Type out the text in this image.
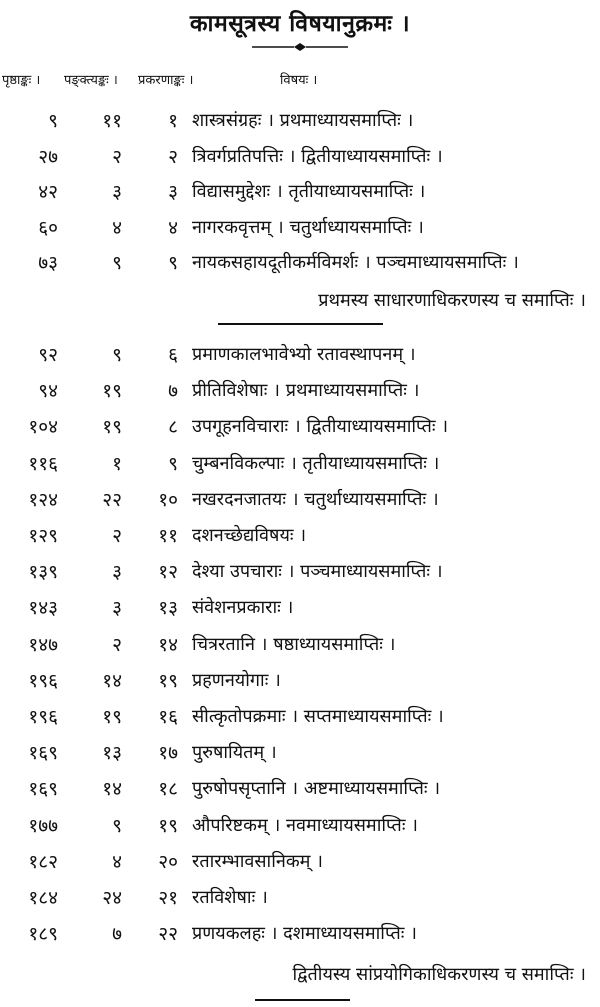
कामसूत्रस्य विषयानुक्रमः ।
पृष्ठाङ्कः । पङ्क्त्यङ्कः । प्रकरणाङ्कः ।	विषयः ।
९	११	१ शास्त्रसंग्रहः । प्रथमाध्यायसमाप्तिः ।
२७	२	२ त्रिवर्गप्रतिपत्तिः । द्वितीयाध्यायसमाप्तिः ।
४२	३	३ विद्यासमुद्देशः । तृतीयाध्यायसमाप्तिः ।
६०	४	४ नागरकवृत्तम् । चतुर्थाध्यायसमाप्तिः ।
७३	९	९ नायकसहायदूतीकर्मविमर्शः । पञ्चमाध्यायसमाप्तिः ।
प्रथमस्य साधारणाधिकरणस्य च समाप्तिः ।
९२	९	६ प्रमाणकालभावेभ्यो रतावस्थापनम् ।
९४	१९	७ प्रीतिविशेषाः । प्रथमाध्यायसमाप्तिः ।
१०४	१९	८ उपगूहनविचाराः । द्वितीयाध्यायसमाप्तिः ।
११६	१	९ चुम्बनविकल्पाः । तृतीयाध्यायसमाप्तिः ।
१२४	२२	१० नखरदनजातयः । चतुर्थाध्यायसमाप्तिः ।
१२९	२	११ दशनच्छेद्यविषयः ।
१३९	३	१२ देश्या उपचाराः । पञ्चमाध्यायसमाप्तिः ।
१४३	३	१३ संवेशनप्रकाराः ।
१४७	२	१४ चित्ररतानि । षष्ठाध्यायसमाप्तिः ।
१९६	१४	१९ प्रहणनयोगाः ।
१९६	१९	१६ सीत्कृतोपक्रमाः । सप्तमाध्यायसमाप्तिः ।
१६९	१३	१७ पुरुषायितम् ।
१६९	१४	१८ पुरुषोपसृप्तानि । अष्टमाध्यायसमाप्तिः ।
१७७	९	१९ औपरिष्टकम् । नवमाध्यायसमाप्तिः ।
१८२	४	२० रतारम्भावसानिकम् ।
१८४	२४	२१ रतविशेषाः ।
१८९	७	२२ प्रणयकलहः । दशमाध्यायसमाप्तिः ।
द्वितीयस्य सांप्रयोगिकाधिकरणस्य च समाप्तिः ।
